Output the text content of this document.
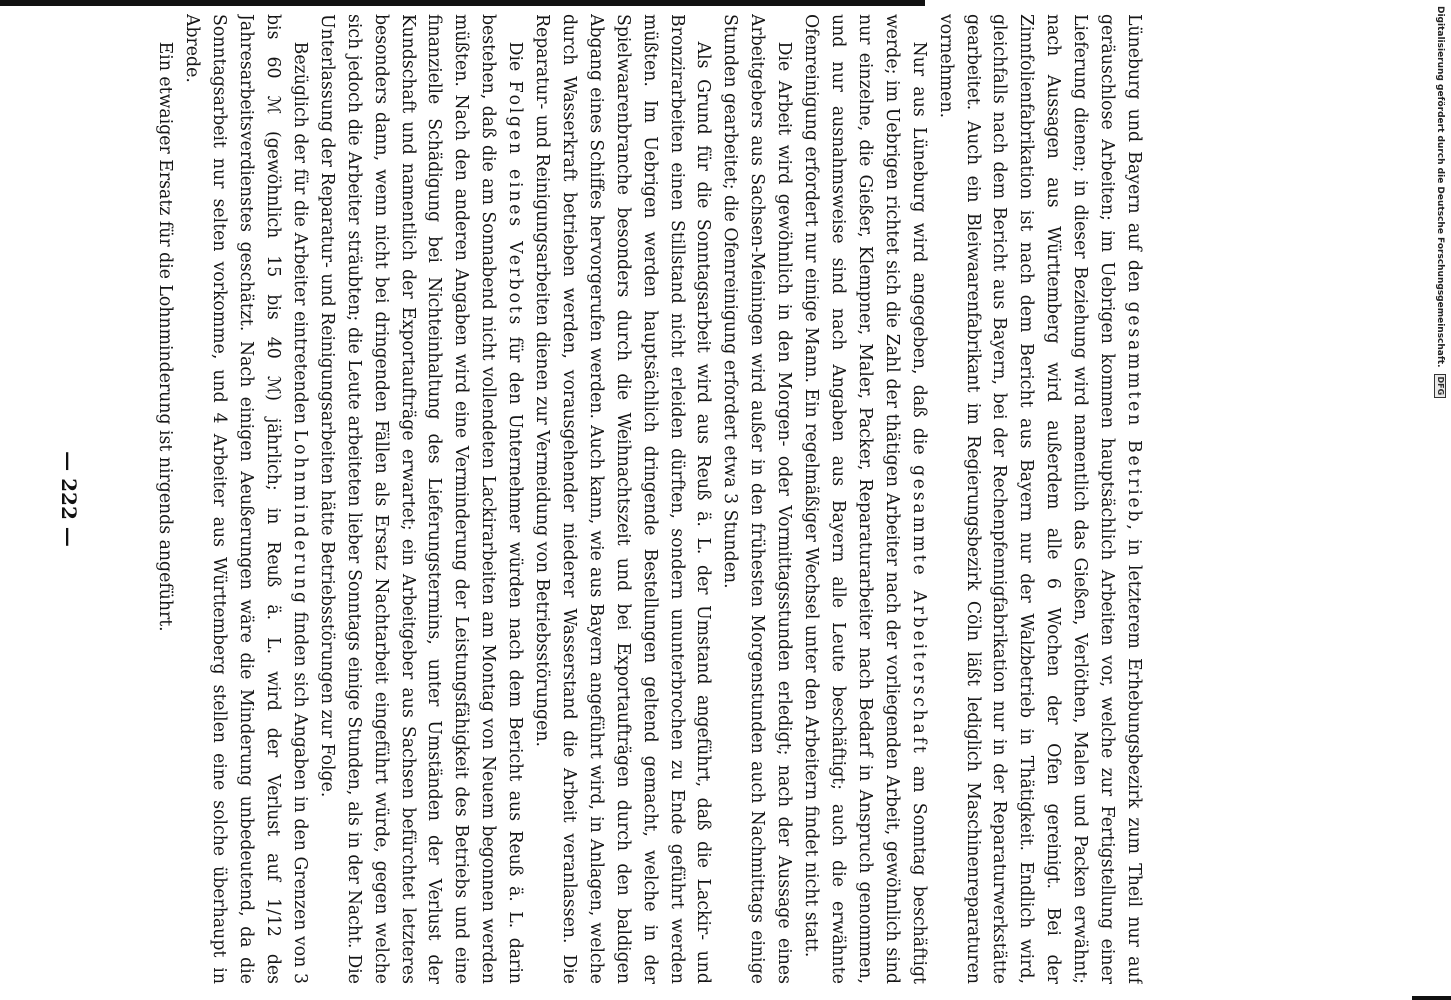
— 222 —

Lüneburg und Bayern auf den gesammten Betrieb, in letzterem Erhebungsbezirk zum Theil nur auf geräuschlose Arbeiten; im Uebrigen kommen hauptsächlich Arbeiten vor, welche zur Fertigstellung einer Lieferung dienen; in dieser Beziehung wird namentlich das Gießen, Verlöthen, Malen und Packen erwähnt; nach Aussagen aus Württemberg wird außerdem alle 6 Wochen der Ofen gereinigt. Bei der Zinnfolienfabrikation ist nach dem Bericht aus Bayern nur der Walzbetrieb in Thätigkeit. Endlich wird, gleichfalls nach dem Bericht aus Bayern, bei der Rechenpfennigfabrikation nur in der Reparaturwerkstätte gearbeitet. Auch ein Bleiwaarenfabrikant im Regierungsbezirk Cöln läßt lediglich Maschinenreparaturen vornehmen.

Nur aus Lüneburg wird angegeben, daß die gesammte Arbeiterschaft am Sonntag beschäftigt werde; im Uebrigen richtet sich die Zahl der thätigen Arbeiter nach der vorliegenden Arbeit, gewöhnlich sind nur einzelne, die Gießer, Klempner, Maler, Packer, Reparaturarbeiter nach Bedarf in Anspruch genommen, und nur ausnahmsweise sind nach Angaben aus Bayern alle Leute beschäftigt; auch die erwähnte Ofenreinigung erfordert nur einige Mann. Ein regelmäßiger Wechsel unter den Arbeitern findet nicht statt.

Die Arbeit wird gewöhnlich in den Morgen- oder Vormittagsstunden erledigt; nach der Aussage eines Arbeitgebers aus Sachsen-Meiningen wird außer in den frühesten Morgenstunden auch Nachmittags einige Stunden gearbeitet; die Ofenreinigung erfordert etwa 3 Stunden.

Als Grund für die Sonntagsarbeit wird aus Reuß ä. L. der Umstand angeführt, daß die Lackir- und Bronzirarbeiten einen Stillstand nicht erleiden dürften, sondern ununterbrochen zu Ende geführt werden müßten. Im Uebrigen werden hauptsächlich dringende Bestellungen geltend gemacht, welche in der Spielwaarenbranche besonders durch die Weihnachtszeit und bei Exportaufträgen durch den baldigen Abgang eines Schiffes hervorgerufen werden. Auch kann, wie aus Bayern angeführt wird, in Anlagen, welche durch Wasserkraft betrieben werden, vorausgehender niederer Wasserstand die Arbeit veranlassen. Die Reparatur- und Reinigungsarbeiten dienen zur Vermeidung von Betriebsstörungen.

Die Folgen eines Verbots für den Unternehmer würden nach dem Bericht aus Reuß ä. L. darin bestehen, daß die am Sonnabend nicht vollendeten Lackirarbeiten am Montag von Neuem begonnen werden müßten. Nach den anderen Angaben wird eine Verminderung der Leistungsfähigkeit des Betriebs und eine finanzielle Schädigung bei Nichteinhaltung des Lieferungstermins, unter Umständen der Verlust der Kundschaft und namentlich der Exportaufträge erwartet; ein Arbeitgeber aus Sachsen befürchtet letzteres besonders dann, wenn nicht bei dringenden Fällen als Ersatz Nachtarbeit eingeführt würde, gegen welche sich jedoch die Arbeiter sträubten; die Leute arbeiteten lieber Sonntags einige Stunden, als in der Nacht. Die Unterlassung der Reparatur- und Reinigungsarbeiten hätte Betriebsstörungen zur Folge.

Bezüglich der für die Arbeiter eintretenden Lohnminderung finden sich Angaben in den Grenzen von 3 bis 60 ℳ (gewöhnlich 15 bis 40 ℳ) jährlich; in Reuß ä. L. wird der Verlust auf 1/12 des Jahresarbeitsverdienstes geschätzt. Nach einigen Aeußerungen wäre die Minderung unbedeutend, da die Sonntagsarbeit nur selten vorkomme, und 4 Arbeiter aus Württemberg stellen eine solche überhaupt in Abrede.

Ein etwaiger Ersatz für die Lohnminderung ist nirgends angeführt.	Digitalisierung gefördert durch die Deutsche Forschungsgemeinschaft.
DFG
